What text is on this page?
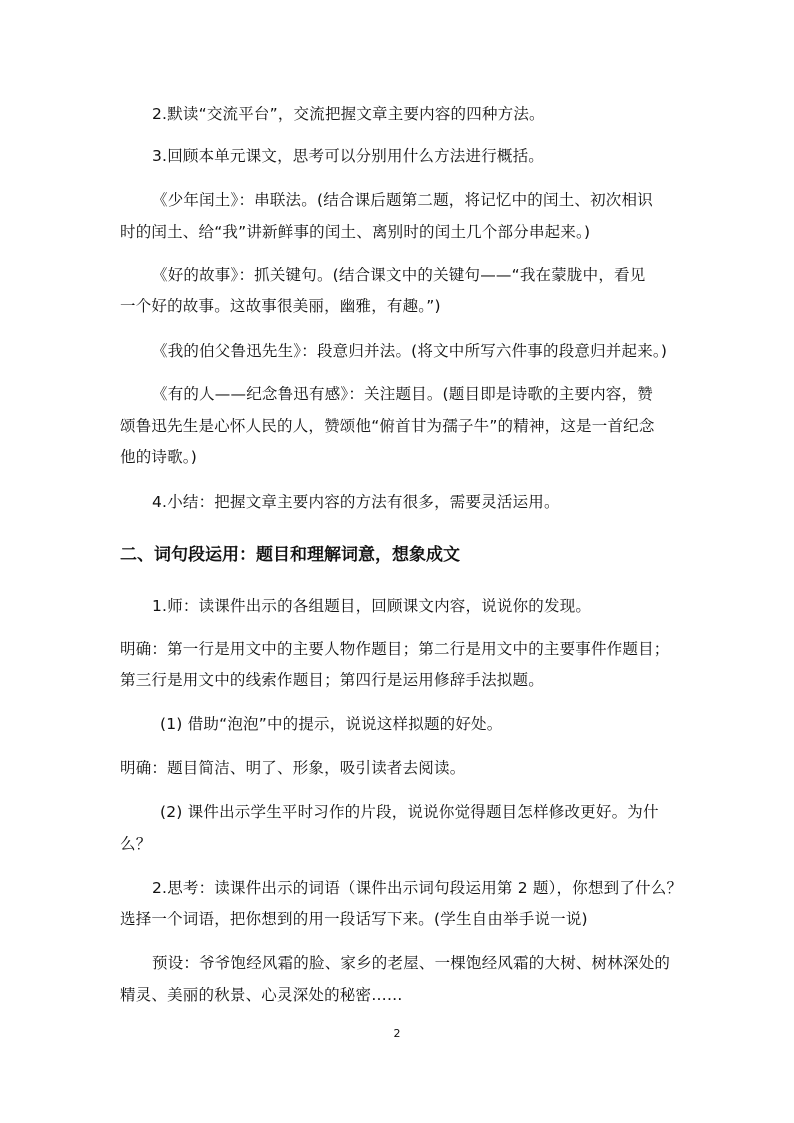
2.默读“交流平台”，交流把握文章主要内容的四种方法。
3.回顾本单元课文，思考可以分别用什么方法进行概括。
《少年闰土》：串联法。(结合课后题第二题，将记忆中的闰土、初次相识
时的闰土、给“我”讲新鲜事的闰土、离别时的闰土几个部分串起来。)
《好的故事》：抓关键句。(结合课文中的关键句——“我在蒙胧中，看见
一个好的故事。这故事很美丽，幽雅，有趣。”)
《我的伯父鲁迅先生》：段意归并法。(将文中所写六件事的段意归并起来。)
《有的人——纪念鲁迅有感》：关注题目。(题目即是诗歌的主要内容，赞
颂鲁迅先生是心怀人民的人，赞颂他“俯首甘为孺子牛”的精神，这是一首纪念
他的诗歌。)
4.小结：把握文章主要内容的方法有很多，需要灵活运用。
二、词句段运用：题目和理解词意，想象成文
1.师：读课件出示的各组题目，回顾课文内容，说说你的发现。
明确：第一行是用文中的主要人物作题目；第二行是用文中的主要事件作题目；
第三行是用文中的线索作题目；第四行是运用修辞手法拟题。
(1) 借助“泡泡”中的提示，说说这样拟题的好处。
明确：题目简洁、明了、形象，吸引读者去阅读。
(2) 课件出示学生平时习作的片段，说说你觉得题目怎样修改更好。为什
么？
2.思考：读课件出示的词语（课件出示词句段运用第 2 题），你想到了什么？
选择一个词语，把你想到的用一段话写下来。(学生自由举手说一说)
预设：爷爷饱经风霜的脸、家乡的老屋、一棵饱经风霜的大树、树林深处的
精灵、美丽的秋景、心灵深处的秘密……
2
